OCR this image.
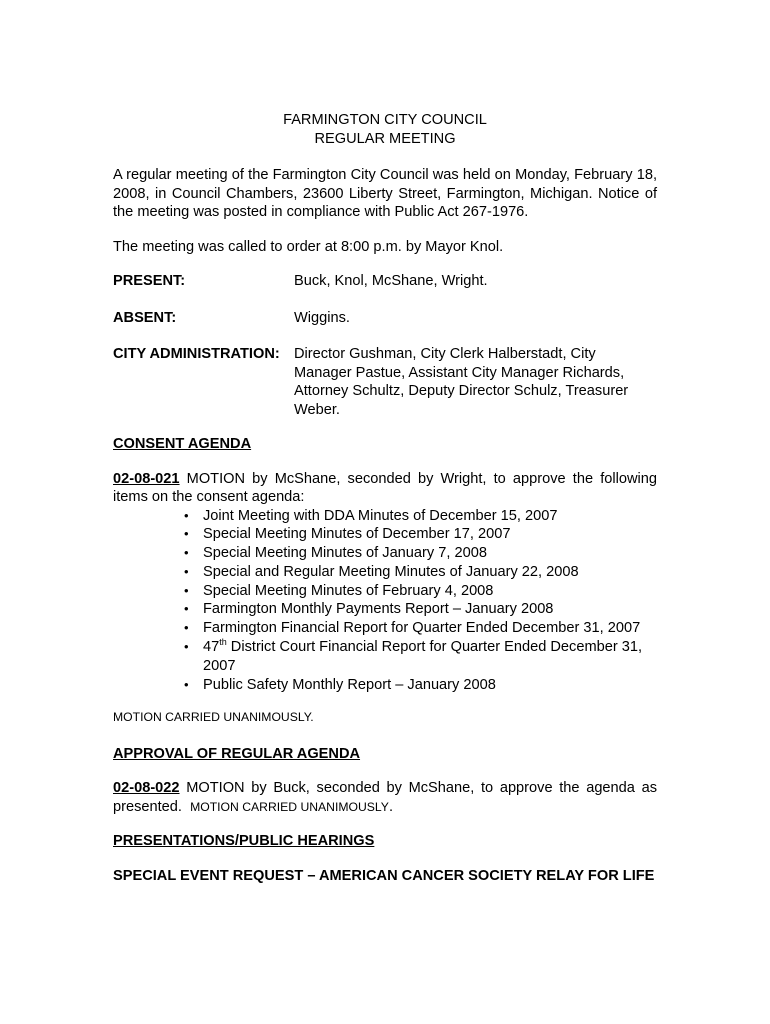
FARMINGTON CITY COUNCIL
REGULAR MEETING

A regular meeting of the Farmington City Council was held on Monday, February 18, 2008, in Council Chambers, 23600 Liberty Street, Farmington, Michigan. Notice of the meeting was posted in compliance with Public Act 267-1976.

The meeting was called to order at 8:00 p.m. by Mayor Knol.

PRESENT:	Buck, Knol, McShane, Wright.
ABSENT:	Wiggins.
CITY ADMINISTRATION: Director Gushman, City Clerk Halberstadt, City Manager Pastue, Assistant City Manager Richards, Attorney Schultz, Deputy Director Schulz, Treasurer Weber.

CONSENT AGENDA

02-08-021 MOTION by McShane, seconded by Wright, to approve the following items on the consent agenda:

• Joint Meeting with DDA Minutes of December 15, 2007
• Special Meeting Minutes of December 17, 2007
• Special Meeting Minutes of January 7, 2008
• Special and Regular Meeting Minutes of January 22, 2008
• Special Meeting Minutes of February 4, 2008
• Farmington Monthly Payments Report – January 2008
• Farmington Financial Report for Quarter Ended December 31, 2007
• 47th District Court Financial Report for Quarter Ended December 31, 2007
• Public Safety Monthly Report – January 2008

MOTION CARRIED UNANIMOUSLY.

APPROVAL OF REGULAR AGENDA

02-08-022 MOTION by Buck, seconded by McShane, to approve the agenda as presented. MOTION CARRIED UNANIMOUSLY.

PRESENTATIONS/PUBLIC HEARINGS

SPECIAL EVENT REQUEST – AMERICAN CANCER SOCIETY RELAY FOR LIFE
